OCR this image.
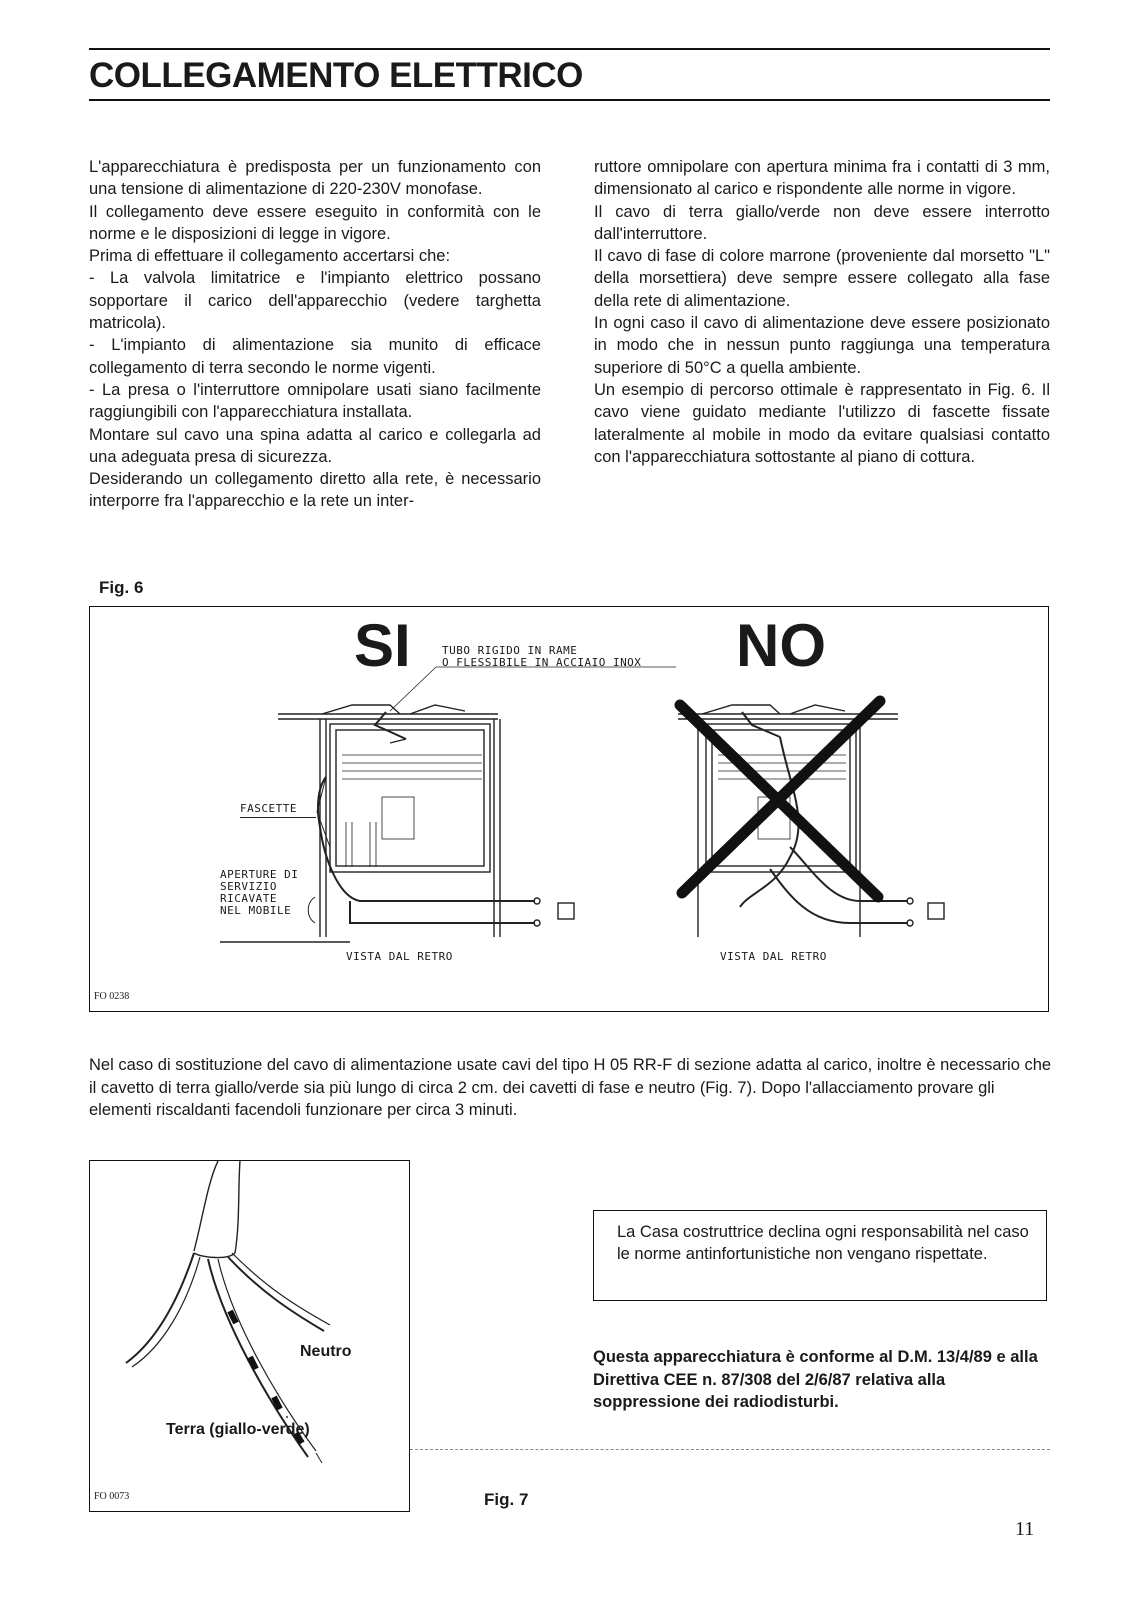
COLLEGAMENTO ELETTRICO

L'apparecchiatura è predisposta per un funzionamento con una tensione di alimentazione di 220-230V monofase.

Il collegamento deve essere eseguito in conformità con le norme e le disposizioni di legge in vigore.

Prima di effettuare il collegamento accertarsi che:

- La valvola limitatrice e l'impianto elettrico possano sopportare il carico dell'apparecchio (vedere targhetta matricola).

- L'impianto di alimentazione sia munito di efficace collegamento di terra secondo le norme vigenti.

- La presa o l'interruttore omnipolare usati siano facilmente raggiungibili con l'apparecchiatura installata.

Montare sul cavo una spina adatta al carico e collegarla ad una adeguata presa di sicurezza.

Desiderando un collegamento diretto alla rete, è necessario interporre fra l'apparecchio e la rete un inter-

ruttore omnipolare con apertura minima fra i contatti di 3 mm, dimensionato al carico e rispondente alle norme in vigore.

Il cavo di terra giallo/verde non deve essere interrotto dall'interruttore.

Il cavo di fase di colore marrone (proveniente dal morsetto "L" della morsettiera) deve sempre essere collegato alla fase della rete di alimentazione.

In ogni caso il cavo di alimentazione deve essere posizionato in modo che in nessun punto raggiunga una temperatura superiore di 50°C a quella ambiente.

Un esempio di percorso ottimale è rappresentato in Fig. 6. Il cavo viene guidato mediante l'utilizzo di fascette fissate lateralmente al mobile in modo da evitare qualsiasi contatto con l'apparecchiatura sottostante al piano di cottura.

Fig. 6
SI	NO
TUBO RIGIDO IN RAME
O FLESSIBILE IN ACCIAIO INOX
FASCETTE
APERTURE DI
SERVIZIO
RICAVATE
NEL MOBILE
VISTA DAL RETRO	VISTA DAL RETRO
FO 0238
Nel caso di sostituzione del cavo di alimentazione usate cavi del tipo H 05 RR-F di sezione adatta al carico, inoltre è necessario che il cavetto di terra giallo/verde sia più lungo di circa 2 cm. dei cavetti di fase e neutro (Fig. 7). Dopo l'allacciamento provare gli elementi riscaldanti facendoli funzionare per circa 3 minuti.
Neutro
Terra (giallo-verde)
FO 0073	Fig. 7
La Casa costruttrice declina ogni responsabilità nel caso le norme antinfortunistiche non vengano rispettate.
Questa apparecchiatura è conforme al D.M. 13/4/89 e alla Direttiva CEE n. 87/308 del 2/6/87 relativa alla soppressione dei radiodisturbi.
11
